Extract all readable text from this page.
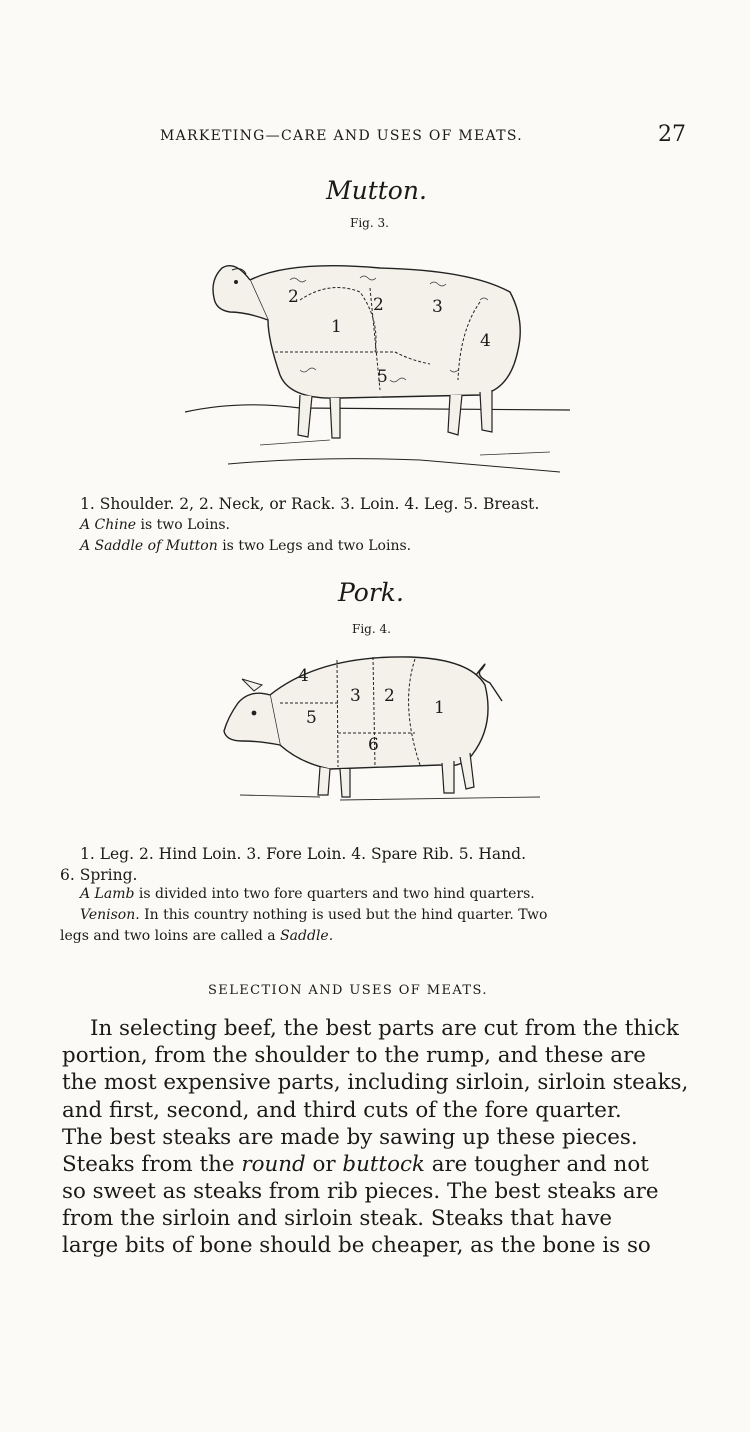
MARKETING—CARE AND USES OF MEATS.	27
Mutton.
Fig. 3.
2
1
2	3
4
5
1. Shoulder. 2, 2. Neck, or Rack. 3. Loin. 4. Leg. 5. Breast.
A Chine is two Loins.
A Saddle of Mutton is two Legs and two Loins.
Pork.
Fig. 4.
4
3 2
1
5
6
1. Leg. 2. Hind Loin. 3. Fore Loin. 4. Spare Rib. 5. Hand.
6. Spring.
A Lamb is divided into two fore quarters and two hind quarters.
Venison. In this country nothing is used but the hind quarter. Two
legs and two loins are called a Saddle.
SELECTION AND USES OF MEATS.
In selecting beef, the best parts are cut from the thick
portion, from the shoulder to the rump, and these are
the most expensive parts, including sirloin, sirloin steaks,
and first, second, and third cuts of the fore quarter.
The best steaks are made by sawing up these pieces.
Steaks from the round or buttock are tougher and not
so sweet as steaks from rib pieces. The best steaks are
from the sirloin and sirloin steak. Steaks that have
large bits of bone should be cheaper, as the bone is so
